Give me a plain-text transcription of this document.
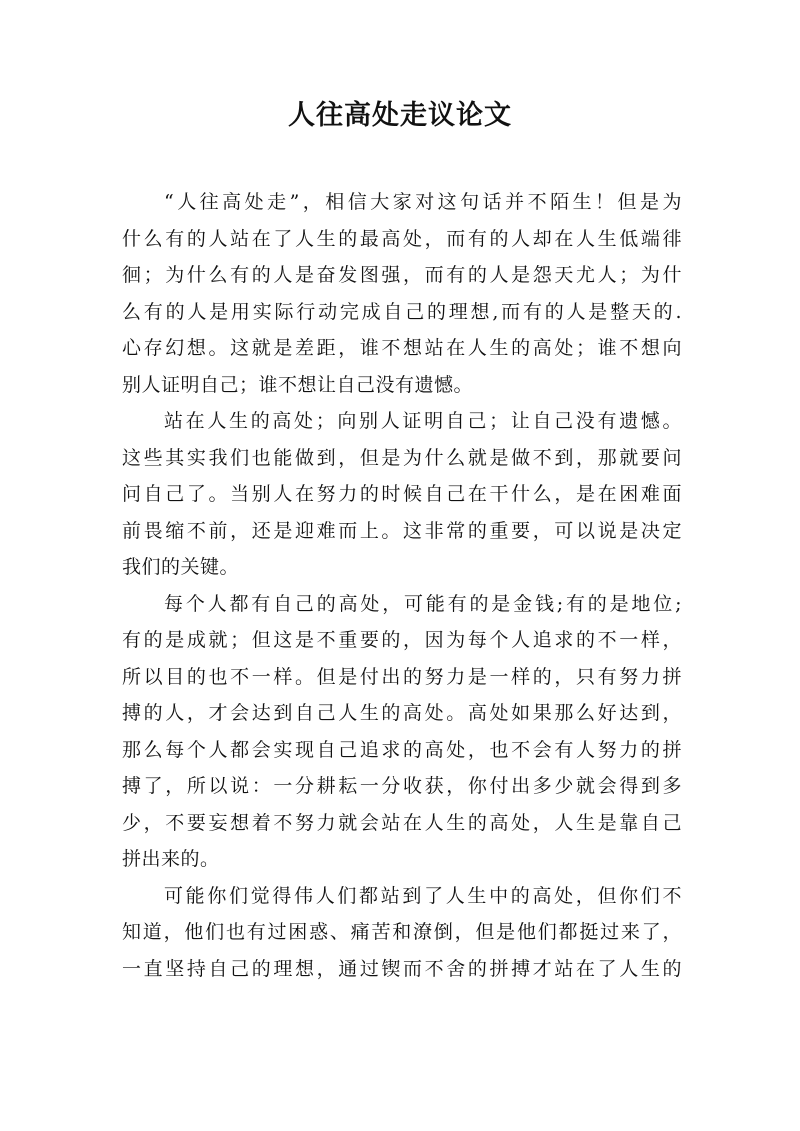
人往高处走议论文
“人往高处走”，相信大家对这句话并不陌生！但是为
什么有的人站在了人生的最高处，而有的人却在人生低端徘
徊；为什么有的人是奋发图强，而有的人是怨天尤人；为什
么有的人是用实际行动完成自己的理想,而有的人是整天的.
心存幻想。这就是差距，谁不想站在人生的高处；谁不想向
别人证明自己；谁不想让自己没有遗憾。
站在人生的高处；向别人证明自己；让自己没有遗憾。
这些其实我们也能做到，但是为什么就是做不到，那就要问
问自己了。当别人在努力的时候自己在干什么，是在困难面
前畏缩不前，还是迎难而上。这非常的重要，可以说是决定
我们的关键。
每个人都有自己的高处，可能有的是金钱;有的是地位;
有的是成就；但这是不重要的，因为每个人追求的不一样，
所以目的也不一样。但是付出的努力是一样的，只有努力拼
搏的人，才会达到自己人生的高处。高处如果那么好达到，
那么每个人都会实现自己追求的高处，也不会有人努力的拼
搏了，所以说：一分耕耘一分收获，你付出多少就会得到多
少，不要妄想着不努力就会站在人生的高处，人生是靠自己
拼出来的。
可能你们觉得伟人们都站到了人生中的高处，但你们不
知道，他们也有过困惑、痛苦和潦倒，但是他们都挺过来了，
一直坚持自己的理想，通过锲而不舍的拼搏才站在了人生的
